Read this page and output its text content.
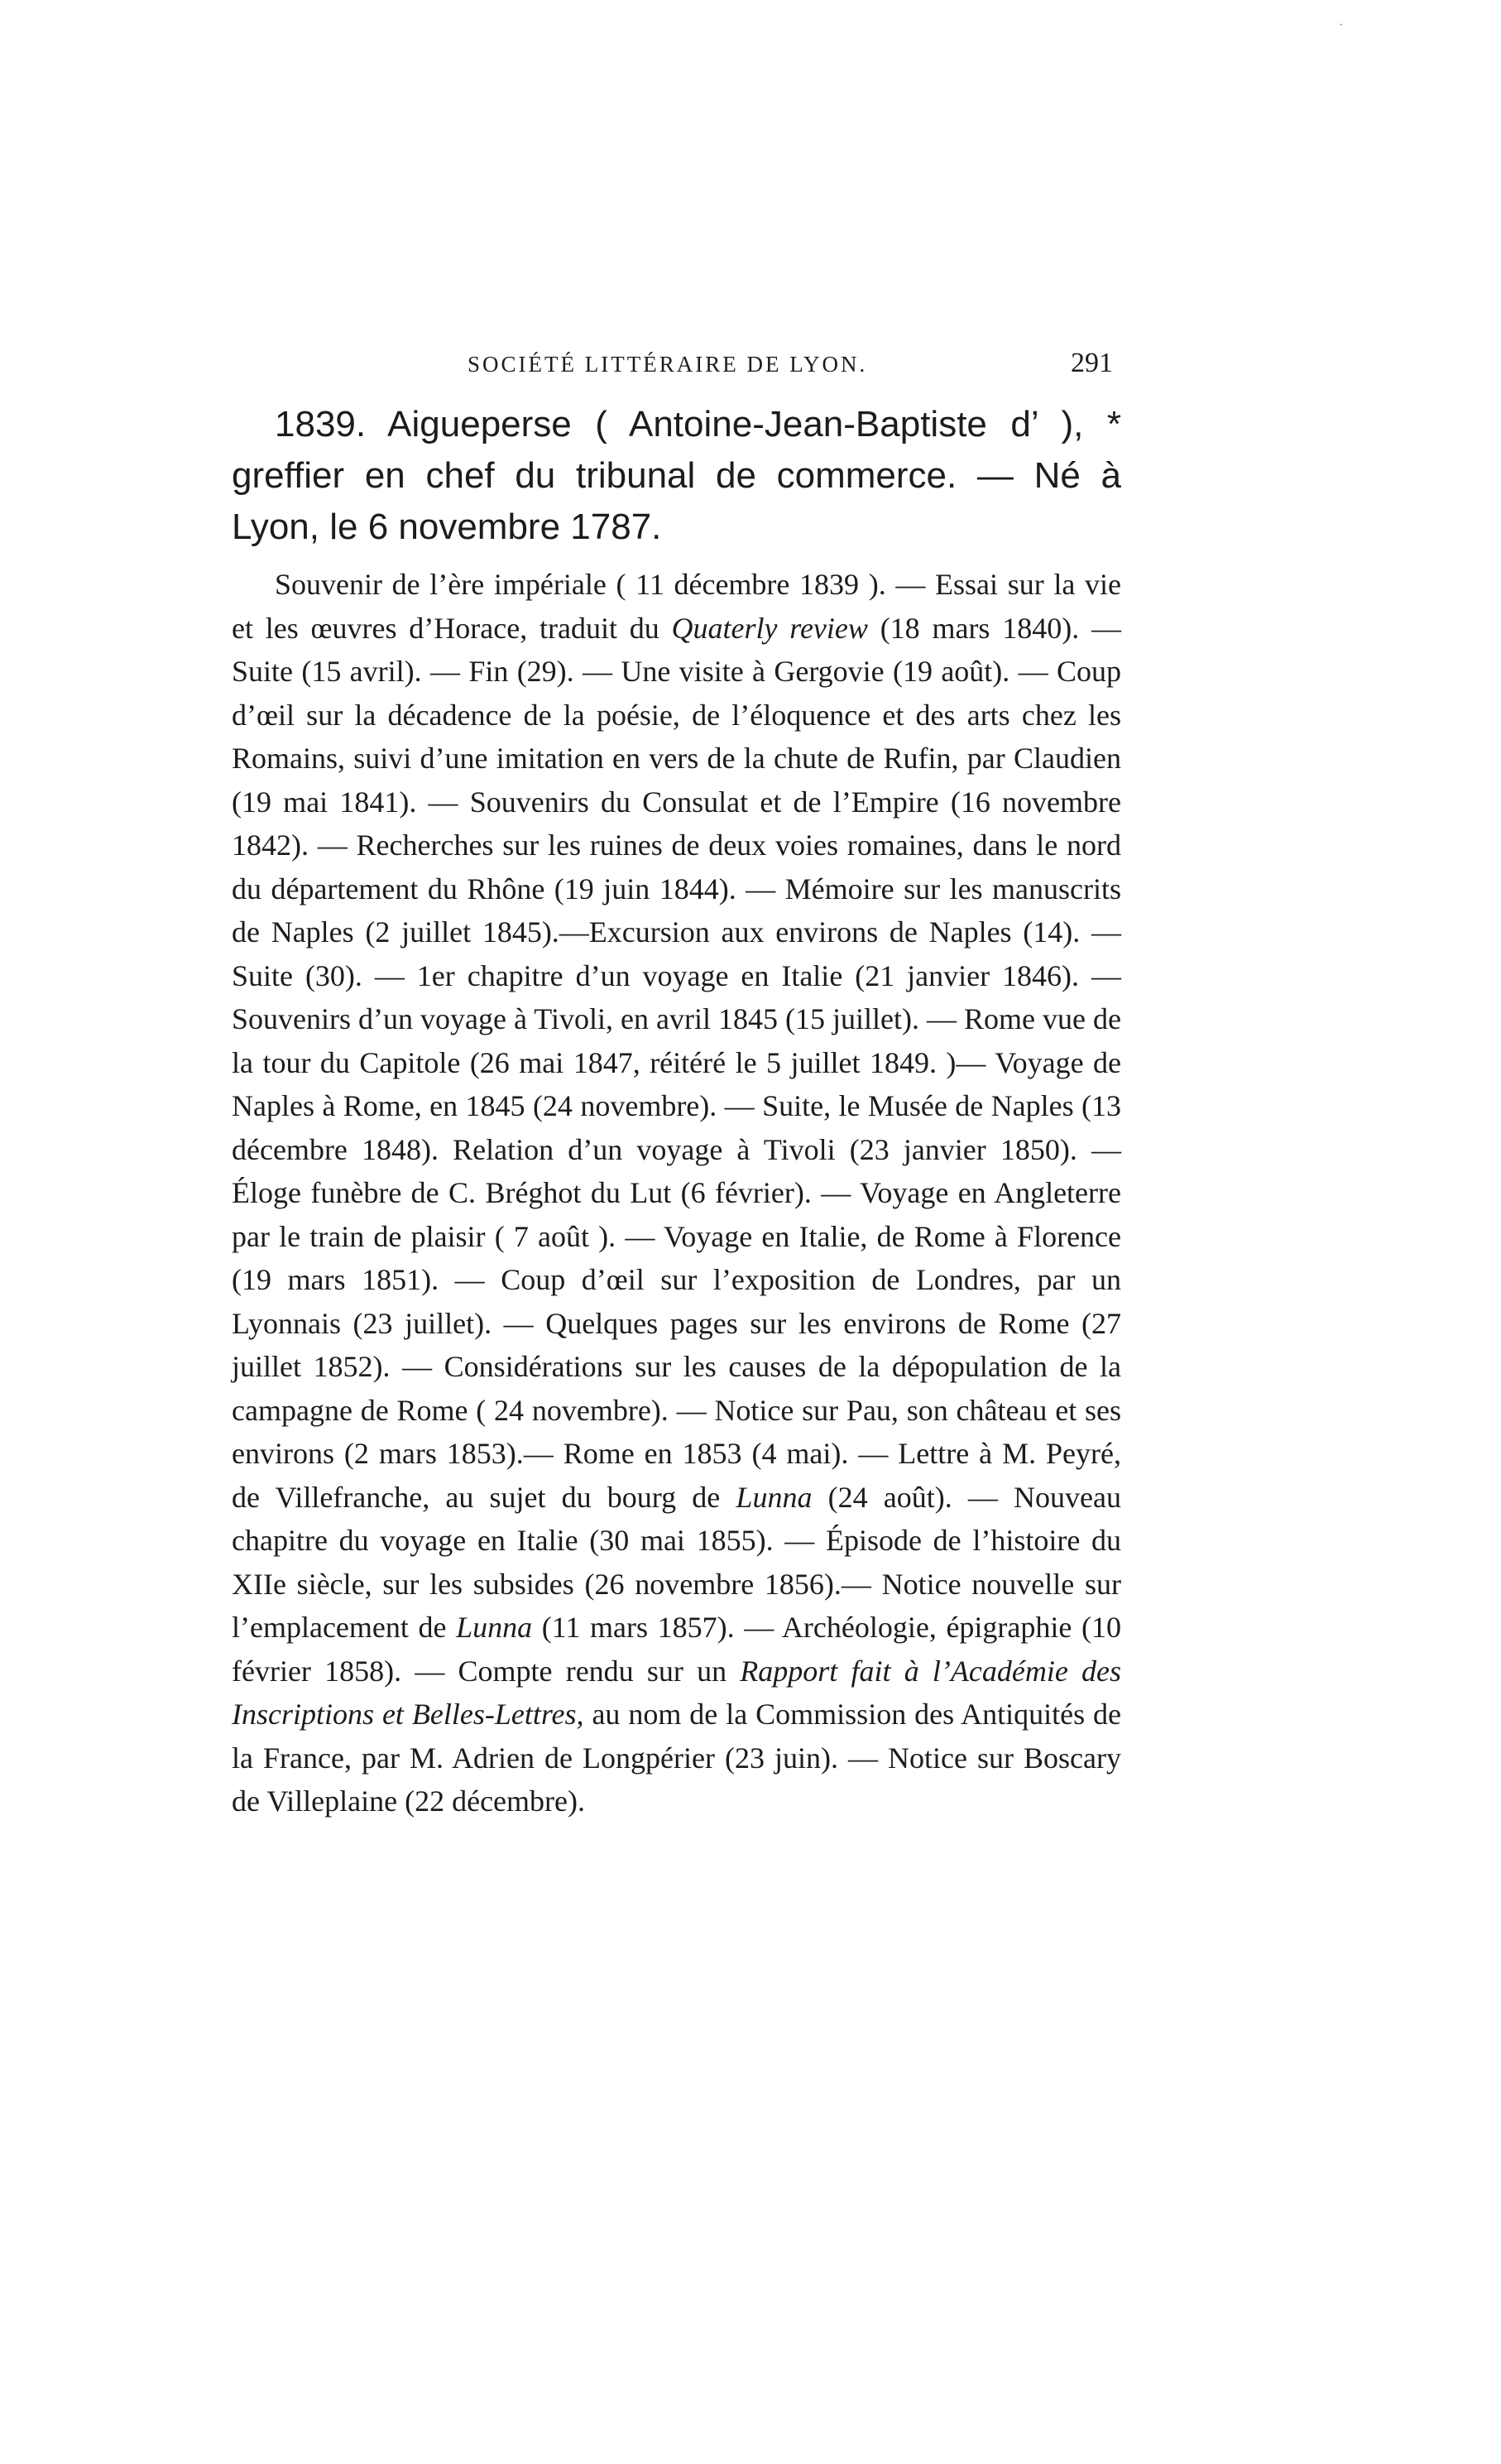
·
SOCIÉTÉ LITTÉRAIRE DE LYON.	291

1839. Aigueperse ( Antoine-Jean-Baptiste d’ ), * greffier en chef du tribunal de commerce. — Né à Lyon, le 6 novembre 1787.

Souvenir de l’ère impériale ( 11 décembre 1839 ). — Essai sur la vie et les œuvres d’Horace, traduit du Quaterly review (18 mars 1840). — Suite (15 avril). — Fin (29). — Une visite à Gergovie (19 août). — Coup d’œil sur la décadence de la poésie, de l’éloquence et des arts chez les Romains, suivi d’une imitation en vers de la chute de Rufin, par Claudien (19 mai 1841). — Souvenirs du Consulat et de l’Empire (16 novembre 1842). — Recherches sur les ruines de deux voies romaines, dans le nord du département du Rhône (19 juin 1844). — Mémoire sur les manuscrits de Naples (2 juillet 1845).—Excursion aux environs de Naples (14). — Suite (30). — 1er chapitre d’un voyage en Italie (21 janvier 1846). — Souvenirs d’un voyage à Tivoli, en avril 1845 (15 juillet). — Rome vue de la tour du Capitole (26 mai 1847, réitéré le 5 juillet 1849. )— Voyage de Naples à Rome, en 1845 (24 novembre). — Suite, le Musée de Naples (13 décembre 1848). Relation d’un voyage à Tivoli (23 janvier 1850). — Éloge funèbre de C. Bréghot du Lut (6 février). — Voyage en Angleterre par le train de plaisir ( 7 août ). — Voyage en Italie, de Rome à Florence (19 mars 1851). — Coup d’œil sur l’exposition de Londres, par un Lyonnais (23 juillet). — Quelques pages sur les environs de Rome (27 juillet 1852). — Considérations sur les causes de la dépopulation de la campagne de Rome ( 24 novembre). — Notice sur Pau, son château et ses environs (2 mars 1853).— Rome en 1853 (4 mai). — Lettre à M. Peyré, de Villefranche, au sujet du bourg de Lunna (24 août). — Nouveau chapitre du voyage en Italie (30 mai 1855). — Épisode de l’histoire du XIIe siècle, sur les subsides (26 novembre 1856).— Notice nouvelle sur l’emplacement de Lunna (11 mars 1857). — Archéologie, épigraphie (10 février 1858). — Compte rendu sur un Rapport fait à l’Académie des Inscriptions et Belles-Lettres, au nom de la Commission des Antiquités de la France, par M. Adrien de Longpérier (23 juin). — Notice sur Boscary de Villeplaine (22 décembre).
